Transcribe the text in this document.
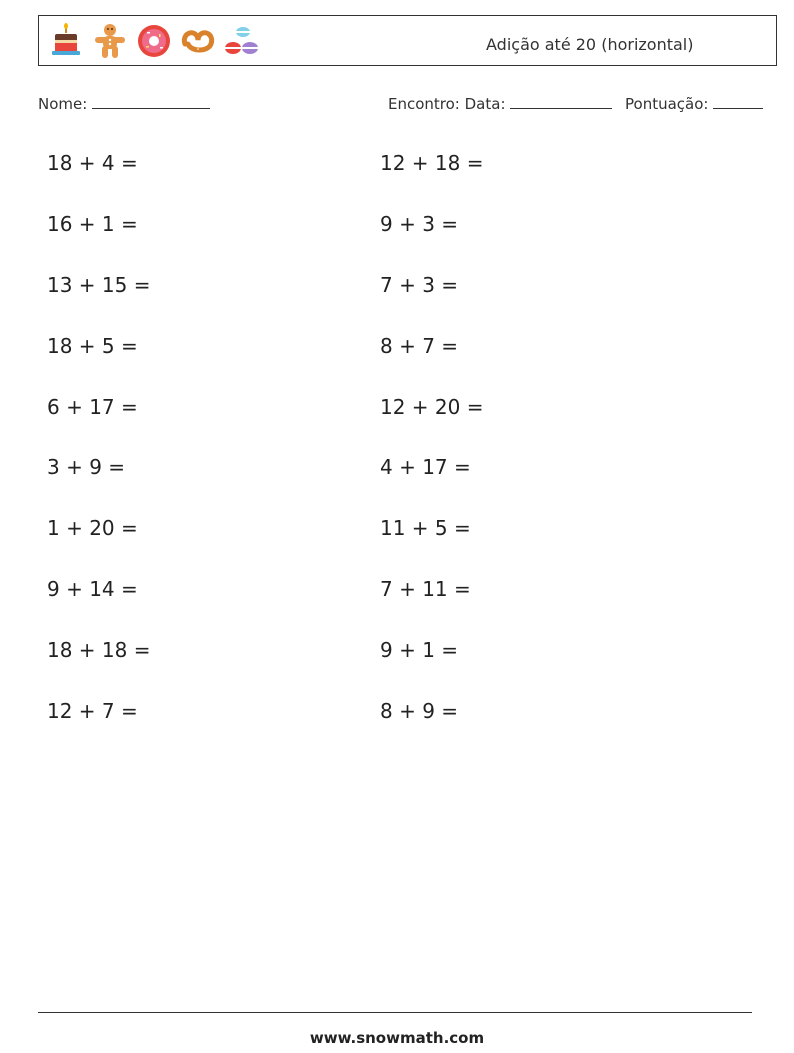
Adição até 20 (horizontal)
Nome:	Encontro: Data:	Pontuação:
18 + 4 =
16 + 1 =
13 + 15 =
18 + 5 =
6 + 17 =
3 + 9 =
1 + 20 =
9 + 14 =
18 + 18 =
12 + 7 =
12 + 18 =
9 + 3 =
7 + 3 =
8 + 7 =
12 + 20 =
4 + 17 =
11 + 5 =
7 + 11 =
9 + 1 =
8 + 9 =
www.snowmath.com
